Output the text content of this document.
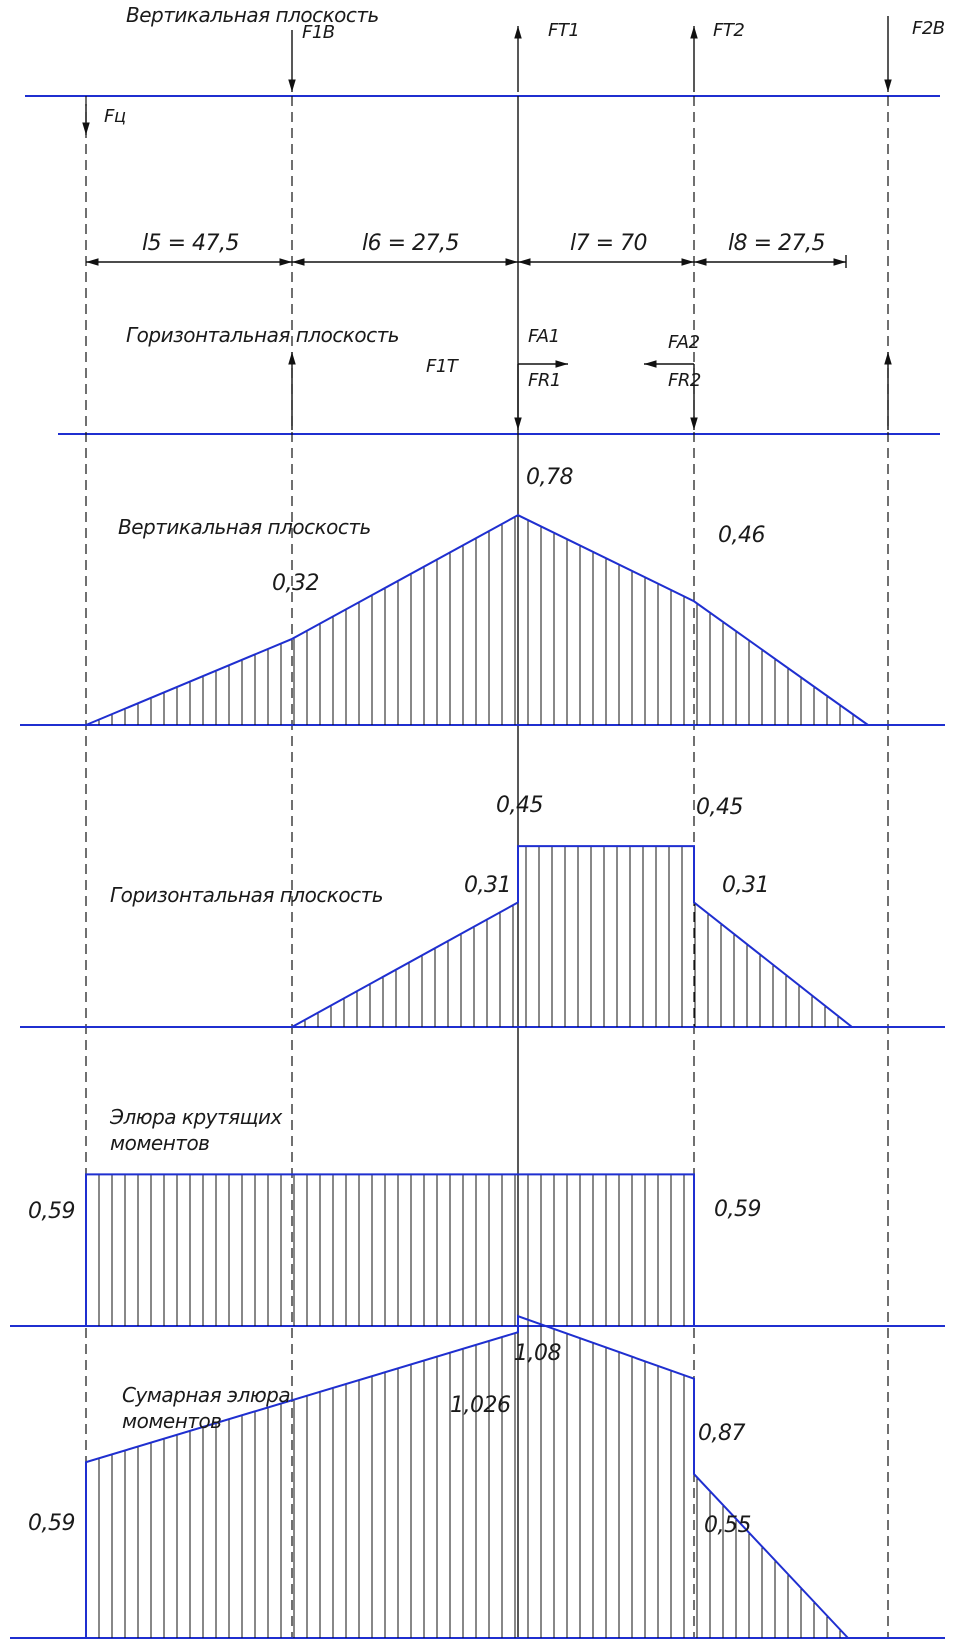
Вертикальная плоскость
Fц
F1B	FT1	FT2	F2B
l5 = 47,5	l6 = 27,5	l7 = 70	l8 = 27,5
Горизонтальная плоскость
F1T
FA1
FR1
FA2
FR2
Вертикальная плоскость
0,32
0,78
0,46
Горизонтальная плоскость	0,31
0,45	0,45
0,31
Элюра крутящих
моментов
0,59	0,59
Сумарная элюра
моментов
0,59
1,026
1,08
0,87
0,55
